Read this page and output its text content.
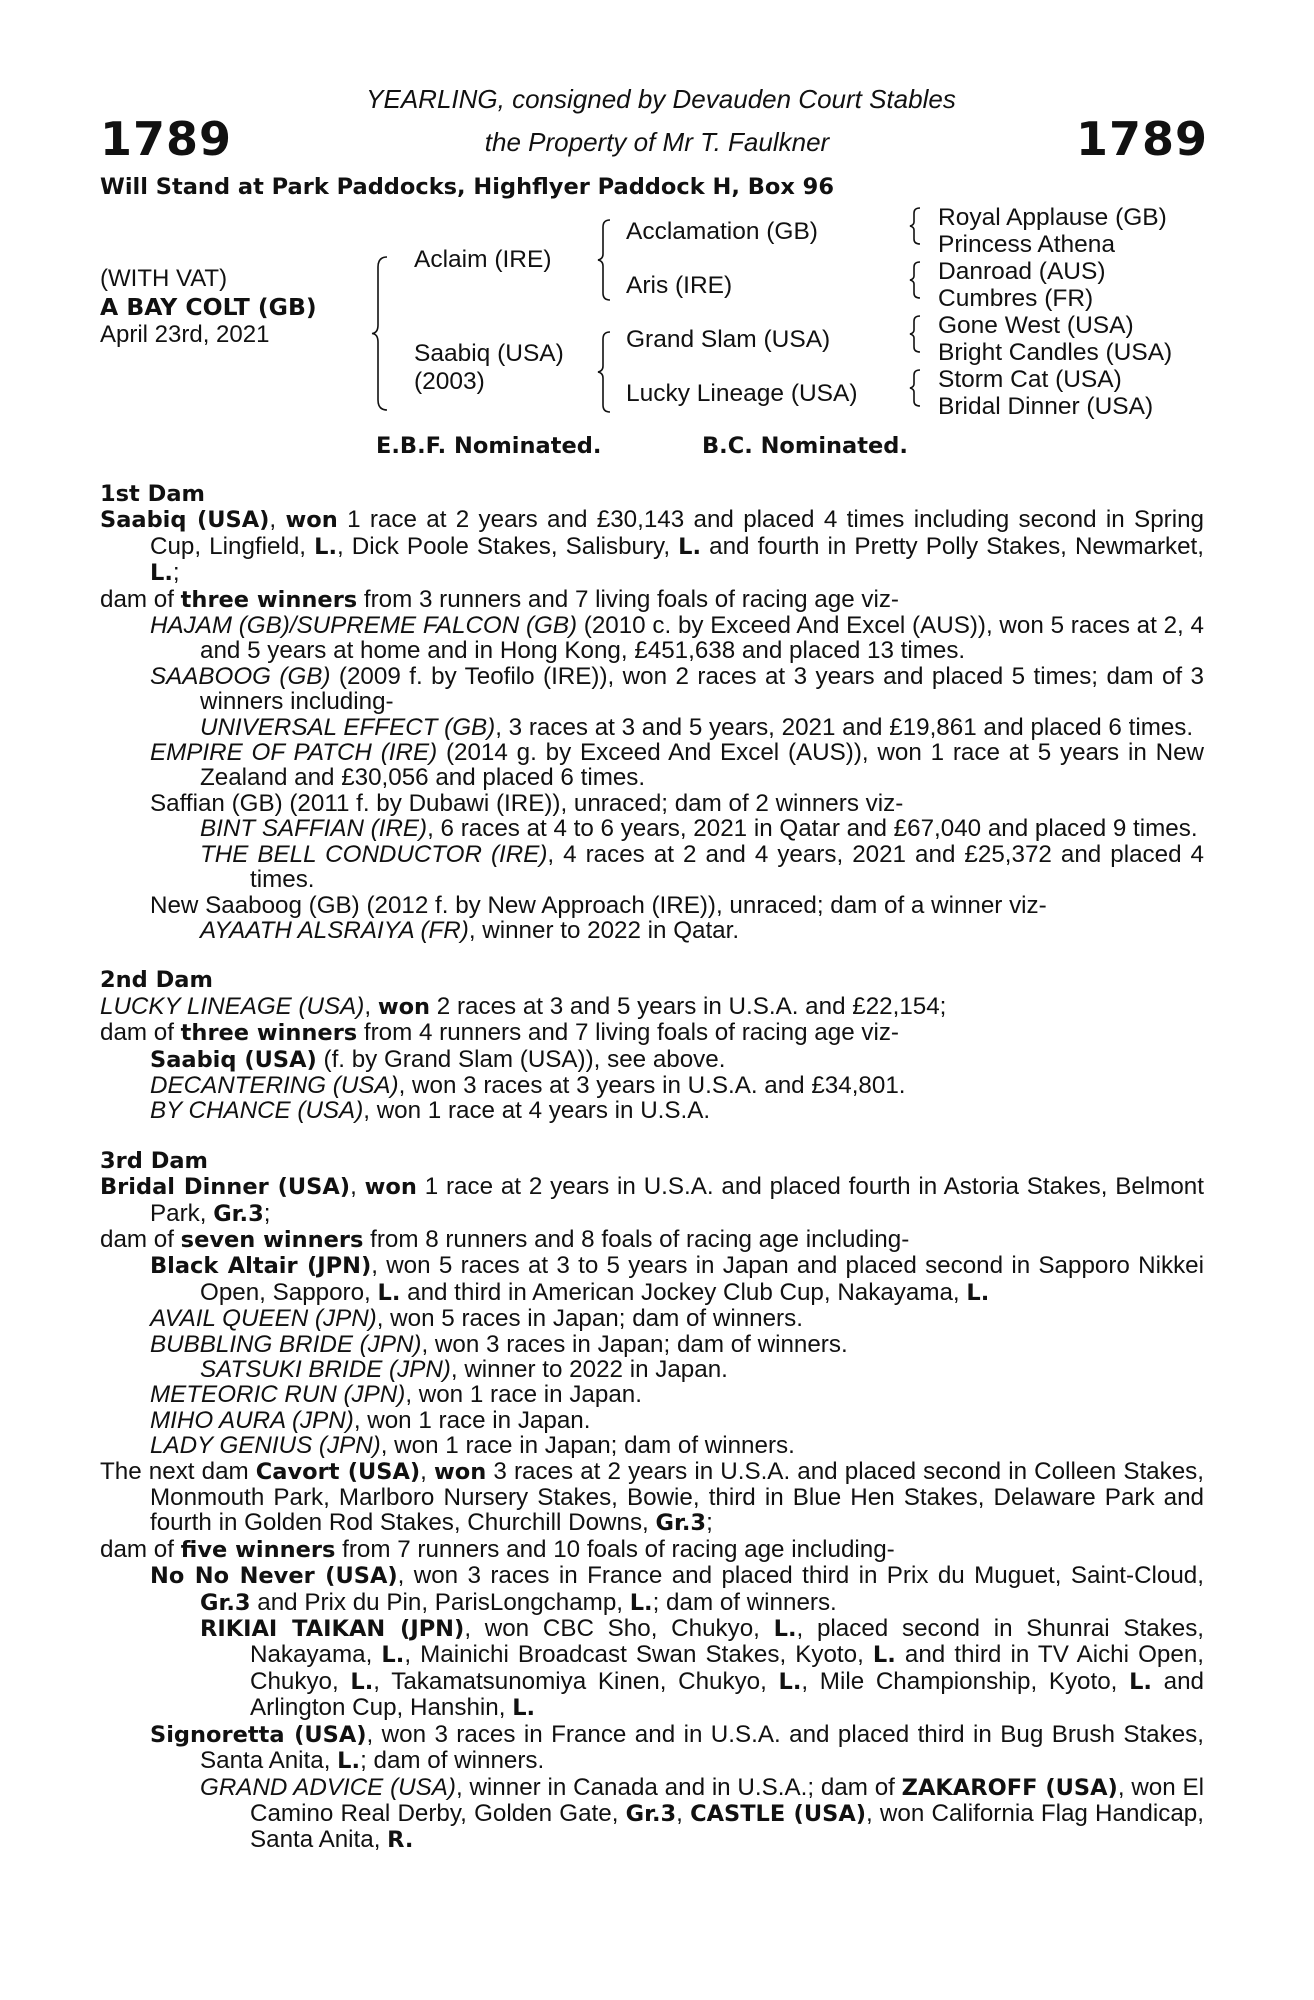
1789	1789
YEARLING, consigned by Devauden Court Stables
the Property of Mr T. Faulkner
Will Stand at Park Paddocks, Highflyer Paddock H, Box 96
(WITH VAT)
A BAY COLT (GB)
April 23rd, 2021
Aclaim (IRE)
Saabiq (USA)
(2003)
Acclamation (GB)
Aris (IRE)
Grand Slam (USA)
Lucky Lineage (USA)
Royal Applause (GB)
Princess Athena
Danroad (AUS)
Cumbres (FR)
Gone West (USA)
Bright Candles (USA)
Storm Cat (USA)
Bridal Dinner (USA)
E.B.F. Nominated.	B.C. Nominated.

1st Dam

Saabiq (USA), won 1 race at 2 years and £30,143 and placed 4 times including second in Spring Cup, Lingfield, L., Dick Poole Stakes, Salisbury, L. and fourth in Pretty Polly Stakes, Newmarket, L.;

dam of three winners from 3 runners and 7 living foals of racing age viz-

HAJAM (GB)/SUPREME FALCON (GB) (2010 c. by Exceed And Excel (AUS)), won 5 races at 2, 4 and 5 years at home and in Hong Kong, £451,638 and placed 13 times.

SAABOOG (GB) (2009 f. by Teofilo (IRE)), won 2 races at 3 years and placed 5 times; dam of 3 winners including-

UNIVERSAL EFFECT (GB), 3 races at 3 and 5 years, 2021 and £19,861 and placed 6 times.

EMPIRE OF PATCH (IRE) (2014 g. by Exceed And Excel (AUS)), won 1 race at 5 years in New Zealand and £30,056 and placed 6 times.

Saffian (GB) (2011 f. by Dubawi (IRE)), unraced; dam of 2 winners viz-

BINT SAFFIAN (IRE), 6 races at 4 to 6 years, 2021 in Qatar and £67,040 and placed 9 times.

THE BELL CONDUCTOR (IRE), 4 races at 2 and 4 years, 2021 and £25,372 and placed 4 times.

New Saaboog (GB) (2012 f. by New Approach (IRE)), unraced; dam of a winner viz-

AYAATH ALSRAIYA (FR), winner to 2022 in Qatar.

2nd Dam

LUCKY LINEAGE (USA), won 2 races at 3 and 5 years in U.S.A. and £22,154;

dam of three winners from 4 runners and 7 living foals of racing age viz-

Saabiq (USA) (f. by Grand Slam (USA)), see above.

DECANTERING (USA), won 3 races at 3 years in U.S.A. and £34,801.

BY CHANCE (USA), won 1 race at 4 years in U.S.A.

3rd Dam

Bridal Dinner (USA), won 1 race at 2 years in U.S.A. and placed fourth in Astoria Stakes, Belmont Park, Gr.3;

dam of seven winners from 8 runners and 8 foals of racing age including-

Black Altair (JPN), won 5 races at 3 to 5 years in Japan and placed second in Sapporo Nikkei Open, Sapporo, L. and third in American Jockey Club Cup, Nakayama, L.

AVAIL QUEEN (JPN), won 5 races in Japan; dam of winners.

BUBBLING BRIDE (JPN), won 3 races in Japan; dam of winners.

SATSUKI BRIDE (JPN), winner to 2022 in Japan.

METEORIC RUN (JPN), won 1 race in Japan.

MIHO AURA (JPN), won 1 race in Japan.

LADY GENIUS (JPN), won 1 race in Japan; dam of winners.

The next dam Cavort (USA), won 3 races at 2 years in U.S.A. and placed second in Colleen Stakes, Monmouth Park, Marlboro Nursery Stakes, Bowie, third in Blue Hen Stakes, Delaware Park and fourth in Golden Rod Stakes, Churchill Downs, Gr.3;

dam of five winners from 7 runners and 10 foals of racing age including-

No No Never (USA), won 3 races in France and placed third in Prix du Muguet, Saint-Cloud, Gr.3 and Prix du Pin, ParisLongchamp, L.; dam of winners.

RIKIAI TAIKAN (JPN), won CBC Sho, Chukyo, L., placed second in Shunrai Stakes, Nakayama, L., Mainichi Broadcast Swan Stakes, Kyoto, L. and third in TV Aichi Open, Chukyo, L., Takamatsunomiya Kinen, Chukyo, L., Mile Championship, Kyoto, L. and Arlington Cup, Hanshin, L.

Signoretta (USA), won 3 races in France and in U.S.A. and placed third in Bug Brush Stakes, Santa Anita, L.; dam of winners.

GRAND ADVICE (USA), winner in Canada and in U.S.A.; dam of ZAKAROFF (USA), won El Camino Real Derby, Golden Gate, Gr.3, CASTLE (USA), won California Flag Handicap, Santa Anita, R.
